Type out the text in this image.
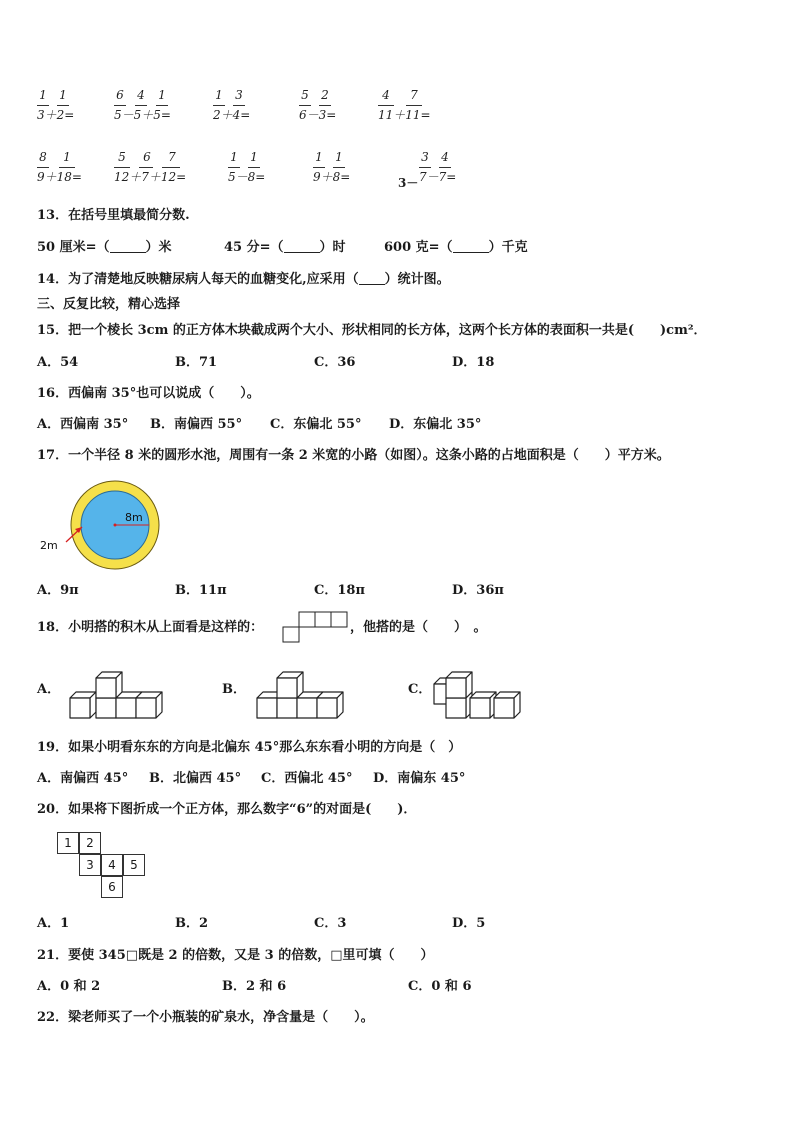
1 1
3＋2=
6 4 1
5－5＋5=
1 3
2＋4=
5 2
6－3=
4 7
11＋11=
8 1
9＋18=
5 6 7
12＋7＋12=
1 1
5－8=
1 1
9＋8=	3－
3 4
7－7=
13．在括号里填最简分数.
50 厘米=（	）米	45 分=（	）时	600 克=（	）千克
14．为了清楚地反映糖尿病人每天的血糖变化,应采用（ ）统计图。
三、反复比较，精心选择
15．把一个棱长 3cm 的正方体木块截成两个大小、形状相同的长方体，这两个长方体的表面积一共是(　　)cm²．
A．54	B．71	C．36	D．18
16．西偏南 35°也可以说成（　　）。
A．西偏南 35° B．南偏西 55° C．东偏北 55° D．东偏北 35°
17．一个半径 8 米的圆形水池，周围有一条 2 米宽的小路（如图）。这条小路的占地面积是（　　）平方米。
8m
2m
A．9π	B．11π	C．18π	D．36π
18．小明搭的积木从上面看是这样的：	，他搭的是（　　）　。
A．	B．	C．
19．如果小明看东东的方向是北偏东 45°那么东东看小明的方向是（　）
A．南偏西 45° B．北偏西 45° C．西偏北 45° D．南偏东 45°
20．如果将下图折成一个正方体，那么数字“6”的对面是(　　)．
1	2
3	4	5
6
A．1	B．2	C．3	D．5
21．要使 345□既是 2 的倍数，又是 3 的倍数，□里可填（　　）
A．0 和 2	B．2 和 6	C．0 和 6
22．梁老师买了一个小瓶装的矿泉水，净含量是（　　）。
